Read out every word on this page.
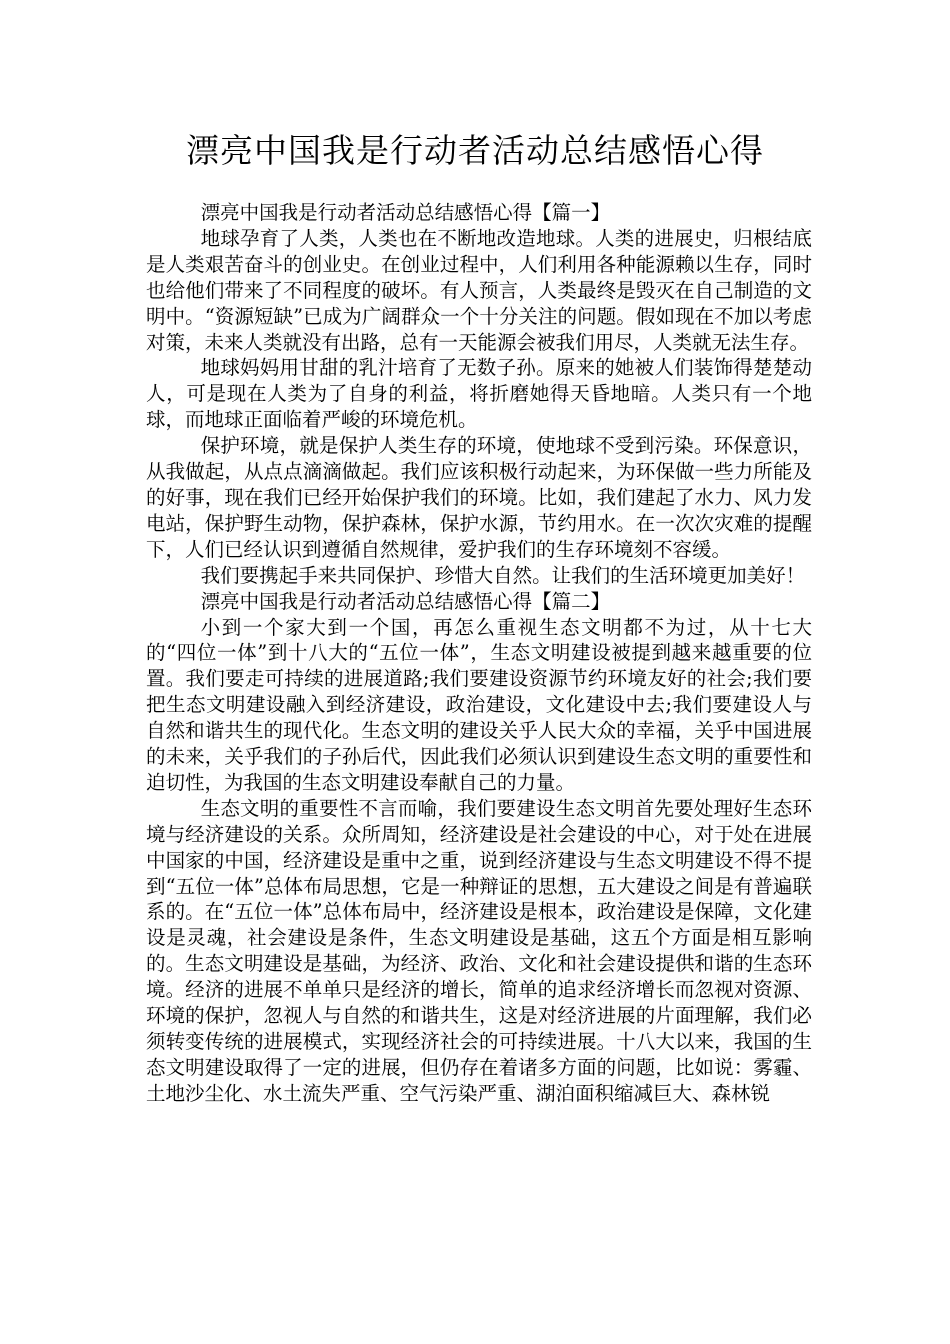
漂亮中国我是行动者活动总结感悟心得

漂亮中国我是行动者活动总结感悟心得【篇一】

地球孕育了人类，人类也在不断地改造地球。人类的进展史，归根结底是人类艰苦奋斗的创业史。在创业过程中，人们利用各种能源赖以生存，同时也给他们带来了不同程度的破坏。有人预言，人类最终是毁灭在自己制造的文明中。“资源短缺”已成为广阔群众一个十分关注的问题。假如现在不加以考虑对策，未来人类就没有出路，总有一天能源会被我们用尽，人类就无法生存。

地球妈妈用甘甜的乳汁培育了无数子孙。原来的她被人们装饰得楚楚动人，可是现在人类为了自身的利益，将折磨她得天昏地暗。人类只有一个地球，而地球正面临着严峻的环境危机。

保护环境，就是保护人类生存的环境，使地球不受到污染。环保意识，从我做起，从点点滴滴做起。我们应该积极行动起来，为环保做一些力所能及的好事，现在我们已经开始保护我们的环境。比如，我们建起了水力、风力发电站，保护野生动物，保护森林，保护水源，节约用水。在一次次灾难的提醒下，人们已经认识到遵循自然规律，爱护我们的生存环境刻不容缓。

我们要携起手来共同保护、珍惜大自然。让我们的生活环境更加美好！

漂亮中国我是行动者活动总结感悟心得【篇二】

小到一个家大到一个国，再怎么重视生态文明都不为过，从十七大的“四位一体”到十八大的“五位一体”，生态文明建设被提到越来越重要的位置。我们要走可持续的进展道路;我们要建设资源节约环境友好的社会;我们要把生态文明建设融入到经济建设，政治建设，文化建设中去;我们要建设人与自然和谐共生的现代化。生态文明的建设关乎人民大众的幸福，关乎中国进展的未来，关乎我们的子孙后代，因此我们必须认识到建设生态文明的重要性和迫切性，为我国的生态文明建设奉献自己的力量。

生态文明的重要性不言而喻，我们要建设生态文明首先要处理好生态环境与经济建设的关系。众所周知，经济建设是社会建设的中心，对于处在进展中国家的中国，经济建设是重中之重，说到经济建设与生态文明建设不得不提到“五位一体”总体布局思想，它是一种辩证的思想，五大建设之间是有普遍联系的。在“五位一体”总体布局中，经济建设是根本，政治建设是保障，文化建设是灵魂，社会建设是条件，生态文明建设是基础，这五个方面是相互影响的。生态文明建设是基础，为经济、政治、文化和社会建设提供和谐的生态环境。经济的进展不单单只是经济的增长，简单的追求经济增长而忽视对资源、环境的保护，忽视人与自然的和谐共生，这是对经济进展的片面理解，我们必须转变传统的进展模式，实现经济社会的可持续进展。十八大以来，我国的生态文明建设取得了一定的进展，但仍存在着诸多方面的问题，比如说：雾霾、土地沙尘化、水土流失严重、空气污染严重、湖泊面积缩减巨大、森林锐
